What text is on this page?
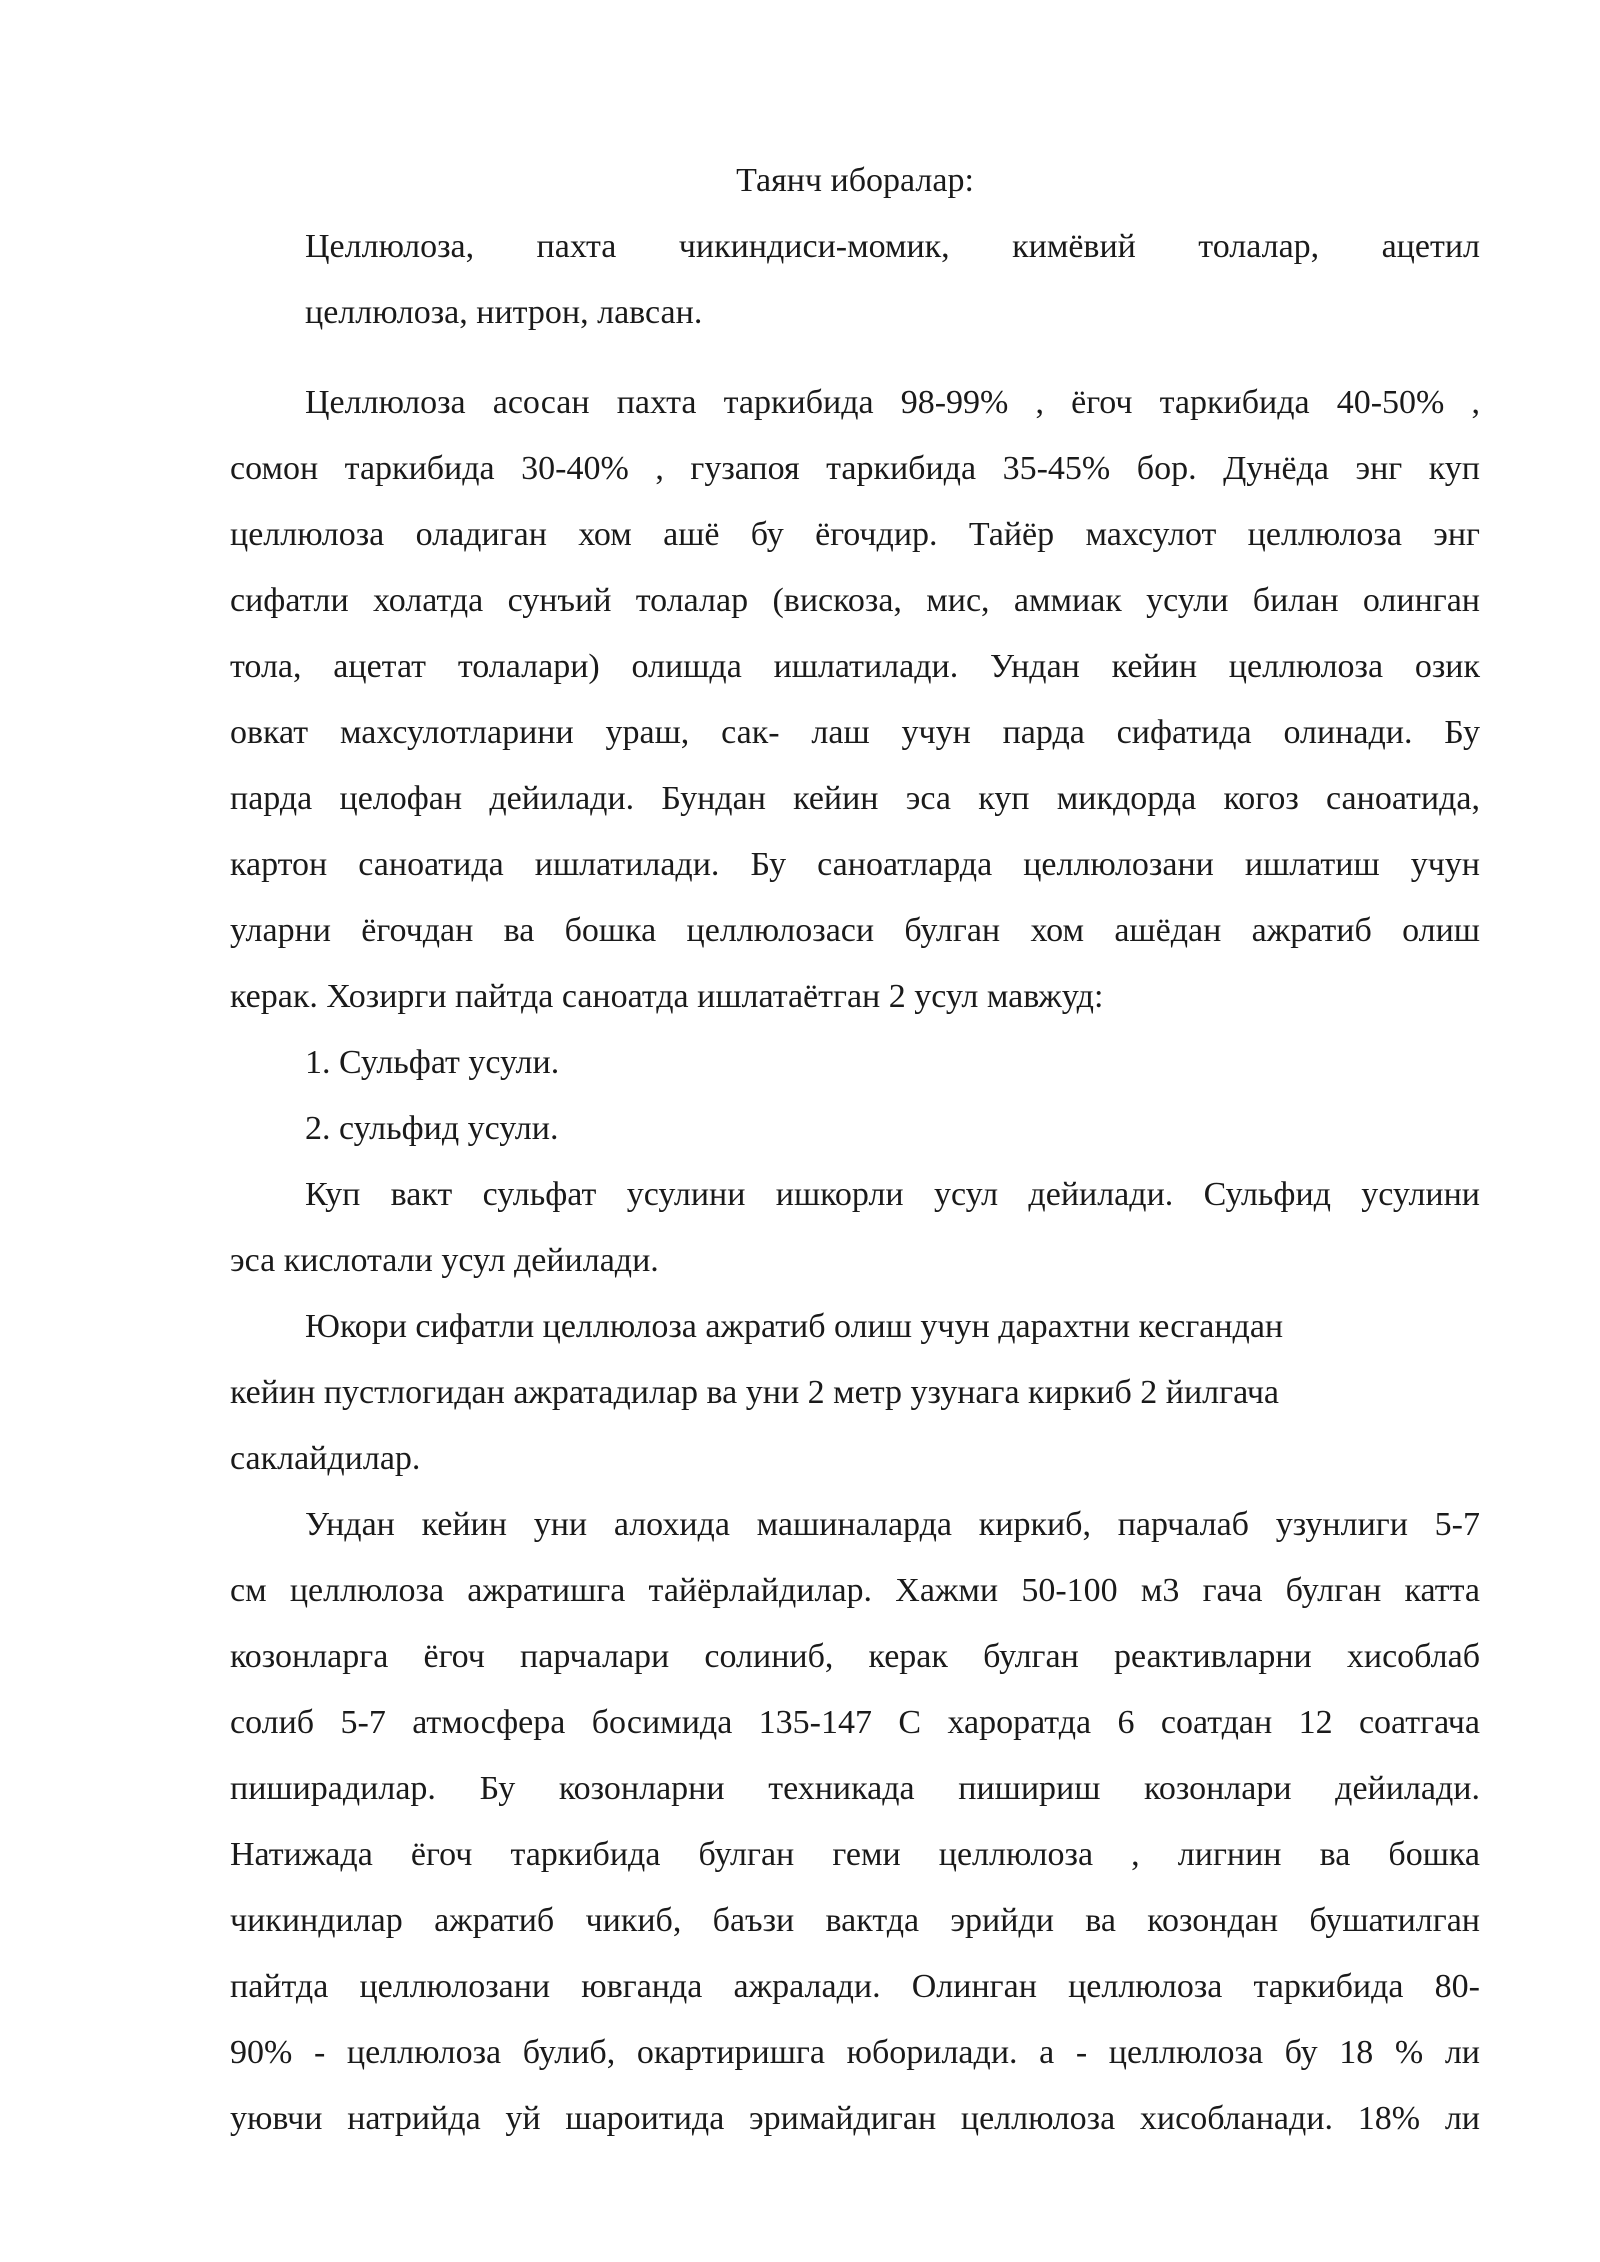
Таянч иборалар:
Целлюлоза, пахта чикиндиси-момик, кимёвий толалар, ацетил
целлюлоза, нитрон, лавсан.
Целлюлоза асосан пахта таркибида 98-99% , ёгоч таркибида 40-50% ,
сомон таркибида 30-40% , гузапоя таркибида 35-45% бор. Дунёда энг куп
целлюлоза оладиган хом ашё бу ёгочдир. Тайёр махсулот целлюлоза энг
сифатли холатда сунъий толалар (вискоза, мис, аммиак усули билан олинган
тола, ацетат толалари) олишда ишлатилади. Ундан кейин целлюлоза озик
овкат махсулотларини ураш, сак- лаш учун парда сифатида олинади. Бу
парда целофан дейилади. Бундан кейин эса куп микдорда когоз саноатида,
картон саноатида ишлатилади. Бу саноатларда целлюлозани ишлатиш учун
уларни ёгочдан ва бошка целлюлозаси булган хом ашёдан ажратиб олиш
керак. Хозирги пайтда саноатда ишлатаётган 2 усул мавжуд:
1. Сульфат усули.
2. сульфид усули.
Куп вакт сульфат усулини ишкорли усул дейилади. Сульфид усулини
эса кислотали усул дейилади.
Юкори сифатли целлюлоза ажратиб олиш учун дарахтни кесгандан
кейин пустлогидан ажратадилар ва уни 2 метр узунага киркиб 2 йилгача
саклайдилар.
Ундан кейин уни алохида машиналарда киркиб, парчалаб узунлиги 5-7
см целлюлоза ажратишга тайёрлайдилар. Хажми 50-100 м3 гача булган катта
козонларга ёгоч парчалари солиниб, керак булган реактивларни хисоблаб
солиб 5-7 атмосфера босимида 135-147 С хароратда 6 соатдан 12 соатгача
пиширадилар. Бу козонларни техникада пишириш козонлари дейилади.
Натижада ёгоч таркибида булган геми целлюлоза , лигнин ва бошка
чикиндилар ажратиб чикиб, баъзи вактда эрийди ва козондан бушатилган
пайтда целлюлозани ювганда ажралади. Олинган целлюлоза таркибида 80-
90% - целлюлоза булиб, окартиришга юборилади. а - целлюлоза бу 18 % ли
уювчи натрийда уй шароитида эримайдиган целлюлоза хисобланади. 18% ли
